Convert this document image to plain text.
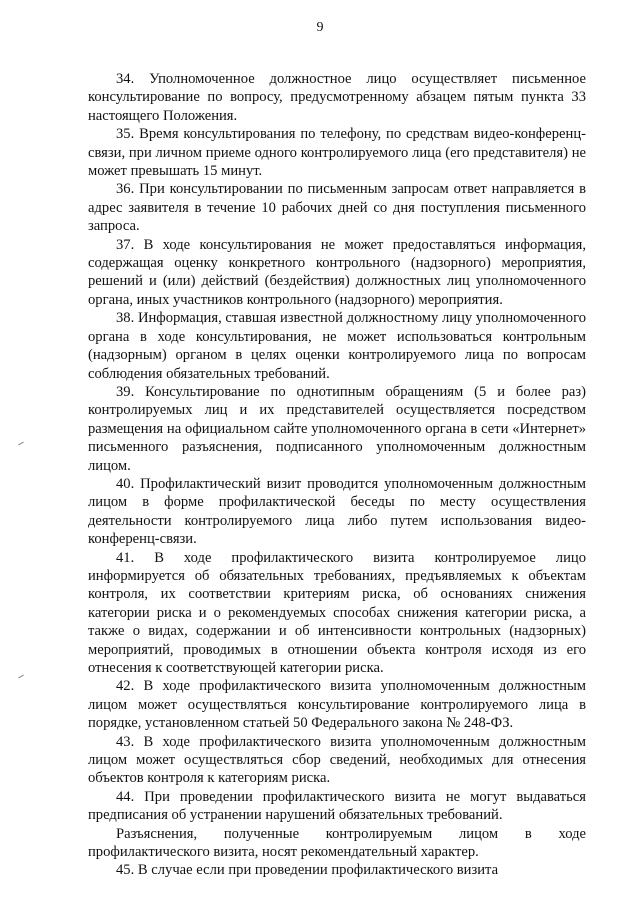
9

34. Уполномоченное должностное лицо осуществляет письменное консультирование по вопросу, предусмотренному абзацем пятым пункта 33 настоящего Положения.

35. Время консультирования по телефону, по средствам видео-конференц-связи, при личном приеме одного контролируемого лица (его представителя) не может превышать 15 минут.

36. При консультировании по письменным запросам ответ направляется в адрес заявителя в течение 10 рабочих дней со дня поступления письменного запроса.

37. В ходе консультирования не может предоставляться информация, содержащая оценку конкретного контрольного (надзорного) мероприятия, решений и (или) действий (бездействия) должностных лиц уполномоченного органа, иных участников контрольного (надзорного) мероприятия.

38. Информация, ставшая известной должностному лицу уполномоченного органа в ходе консультирования, не может использоваться контрольным (надзорным) органом в целях оценки контролируемого лица по вопросам соблюдения обязательных требований.

39. Консультирование по однотипным обращениям (5 и более раз) контролируемых лиц и их представителей осуществляется посредством размещения на официальном сайте уполномоченного органа в сети «Интернет» письменного разъяснения, подписанного уполномоченным должностным лицом.

40. Профилактический визит проводится уполномоченным должностным лицом в форме профилактической беседы по месту осуществления деятельности контролируемого лица либо путем использования видео-конференц-связи.

41. В ходе профилактического визита контролируемое лицо информируется об обязательных требованиях, предъявляемых к объектам контроля, их соответствии критериям риска, об основаниях снижения категории риска и о рекомендуемых способах снижения категории риска, а также о видах, содержании и об интенсивности контрольных (надзорных) мероприятий, проводимых в отношении объекта контроля исходя из его отнесения к соответствующей категории риска.

42. В ходе профилактического визита уполномоченным должностным лицом может осуществляться консультирование контролируемого лица в порядке, установленном статьей 50 Федерального закона № 248-ФЗ.

43. В ходе профилактического визита уполномоченным должностным лицом может осуществляться сбор сведений, необходимых для отнесения объектов контроля к категориям риска.

44. При проведении профилактического визита не могут выдаваться предписания об устранении нарушений обязательных требований.

Разъяснения, полученные контролируемым лицом в ходе профилактического визита, носят рекомендательный характер.

45. В случае если при проведении профилактического визита
